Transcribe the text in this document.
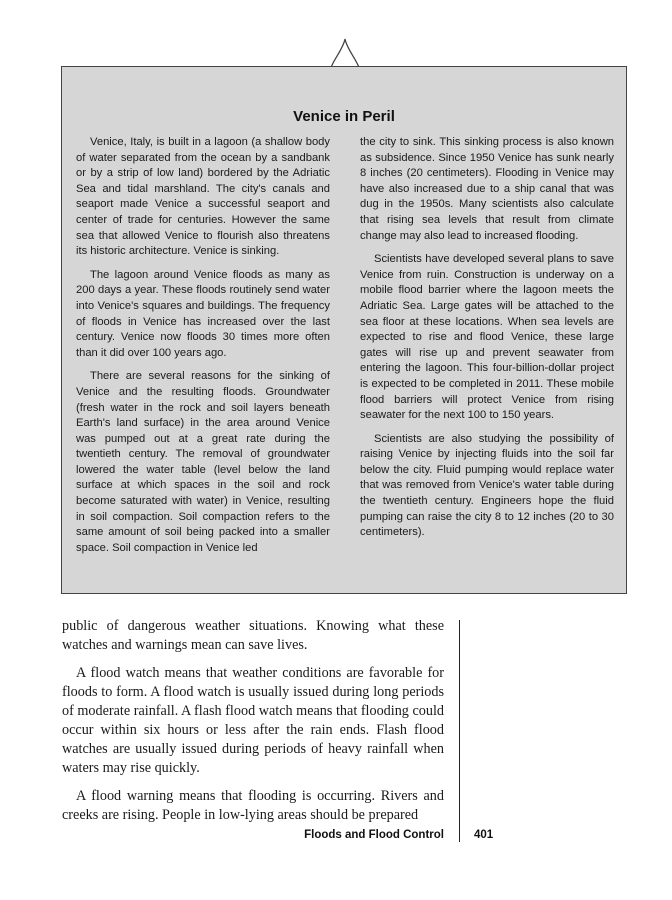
Venice in Peril

Venice, Italy, is built in a lagoon (a shallow body of water separated from the ocean by a sandbank or by a strip of low land) bordered by the Adriatic Sea and tidal marshland. The city's canals and seaport made Venice a successful seaport and center of trade for centuries. However the same sea that allowed Venice to flourish also threatens its historic architecture. Venice is sinking.

The lagoon around Venice floods as many as 200 days a year. These floods routinely send water into Venice's squares and buildings. The frequency of floods in Venice has increased over the last century. Venice now floods 30 times more often than it did over 100 years ago.

There are several reasons for the sinking of Venice and the resulting floods. Groundwater (fresh water in the rock and soil layers beneath Earth's land surface) in the area around Venice was pumped out at a great rate during the twentieth century. The removal of groundwater lowered the water table (level below the land surface at which spaces in the soil and rock become saturated with water) in Venice, resulting in soil compaction. Soil compaction refers to the same amount of soil being packed into a smaller space. Soil compaction in Venice led

the city to sink. This sinking process is also known as subsidence. Since 1950 Venice has sunk nearly 8 inches (20 centimeters). Flooding in Venice may have also increased due to a ship canal that was dug in the 1950s. Many scientists also calculate that rising sea levels that result from climate change may also lead to increased flooding.

Scientists have developed several plans to save Venice from ruin. Construction is underway on a mobile flood barrier where the lagoon meets the Adriatic Sea. Large gates will be attached to the sea floor at these locations. When sea levels are expected to rise and flood Venice, these large gates will rise up and prevent seawater from entering the lagoon. This four-billion-dollar project is expected to be completed in 2011. These mobile flood barriers will protect Venice from rising seawater for the next 100 to 150 years.

Scientists are also studying the possibility of raising Venice by injecting fluids into the soil far below the city. Fluid pumping would replace water that was removed from Venice's water table during the twentieth century. Engineers hope the fluid pumping can raise the city 8 to 12 inches (20 to 30 centimeters).

public of dangerous weather situations. Knowing what these watches and warnings mean can save lives.

A flood watch means that weather conditions are favorable for floods to form. A flood watch is usually issued during long periods of moderate rainfall. A flash flood watch means that flooding could occur within six hours or less after the rain ends. Flash flood watches are usually issued during periods of heavy rainfall when waters may rise quickly.

A flood warning means that flooding is occurring. Rivers and creeks are rising. People in low-lying areas should be prepared

Floods and Flood Control	401
